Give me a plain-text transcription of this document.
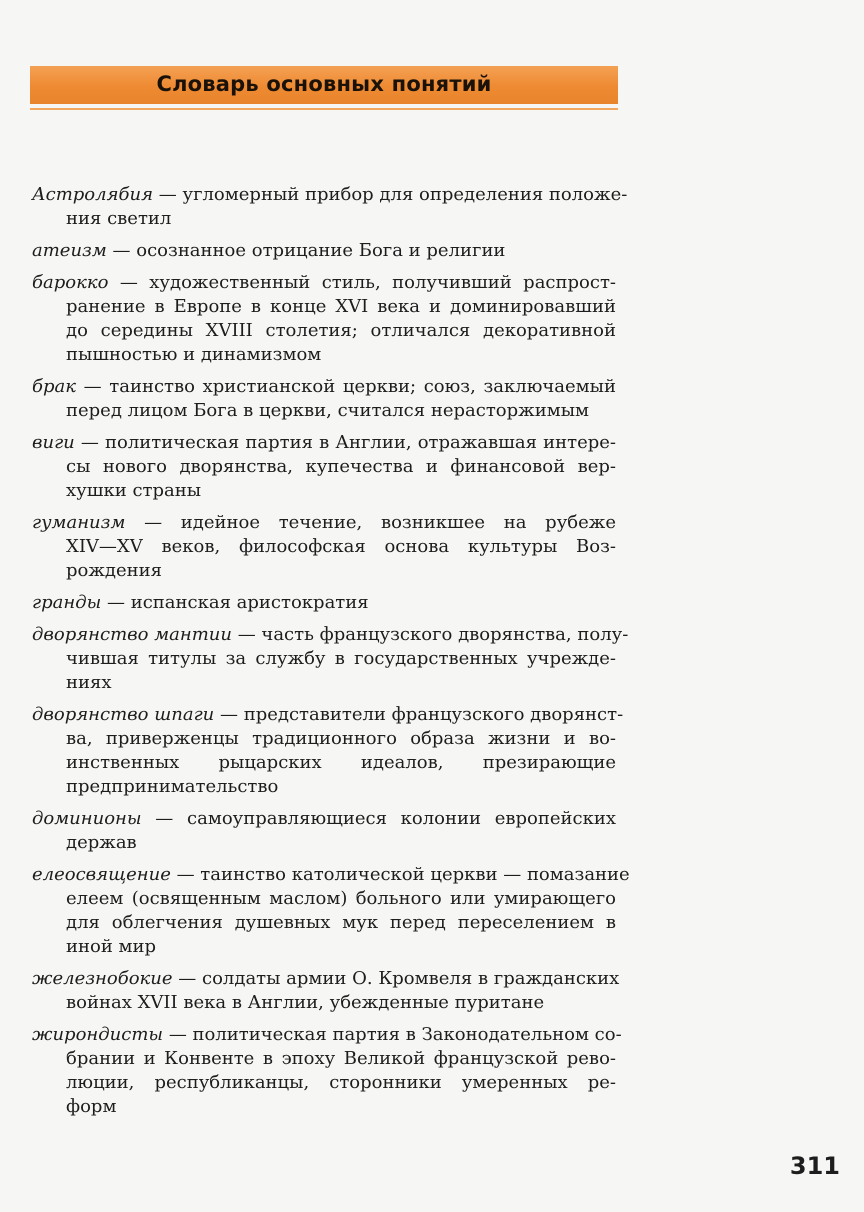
Словарь основных понятий
Астролябия — угломерный прибор для определения положе-
ния светил
атеизм — осознанное отрицание Бога и религии
барокко — художественный стиль, получивший распрост-
ранение в Европе в конце XVI века и доминировавший
до середины XVIII столетия; отличался декоративной
пышностью и динамизмом
брак — таинство христианской церкви; союз, заключаемый
перед лицом Бога в церкви, считался нерасторжимым
виги — политическая партия в Англии, отражавшая интере-
сы нового дворянства, купечества и финансовой вер-
хушки страны
гуманизм — идейное течение, возникшее на рубеже
XIV—XV веков, философская основа культуры Воз-
рождения
гранды — испанская аристократия
дворянство мантии — часть французского дворянства, полу-
чившая титулы за службу в государственных учрежде-
ниях
дворянство шпаги — представители французского дворянст-
ва, приверженцы традиционного образа жизни и во-
инственных рыцарских идеалов, презирающие
предпринимательство
доминионы — самоуправляющиеся колонии европейских
держав
елеосвящение — таинство католической церкви — помазание
елеем (освященным маслом) больного или умирающего
для облегчения душевных мук перед переселением в
иной мир
железнобокие — солдаты армии О. Кромвеля в гражданских
войнах XVII века в Англии, убежденные пуритане
жирондисты — политическая партия в Законодательном со-
брании и Конвенте в эпоху Великой французской рево-
люции, республиканцы, сторонники умеренных ре-
форм
311
